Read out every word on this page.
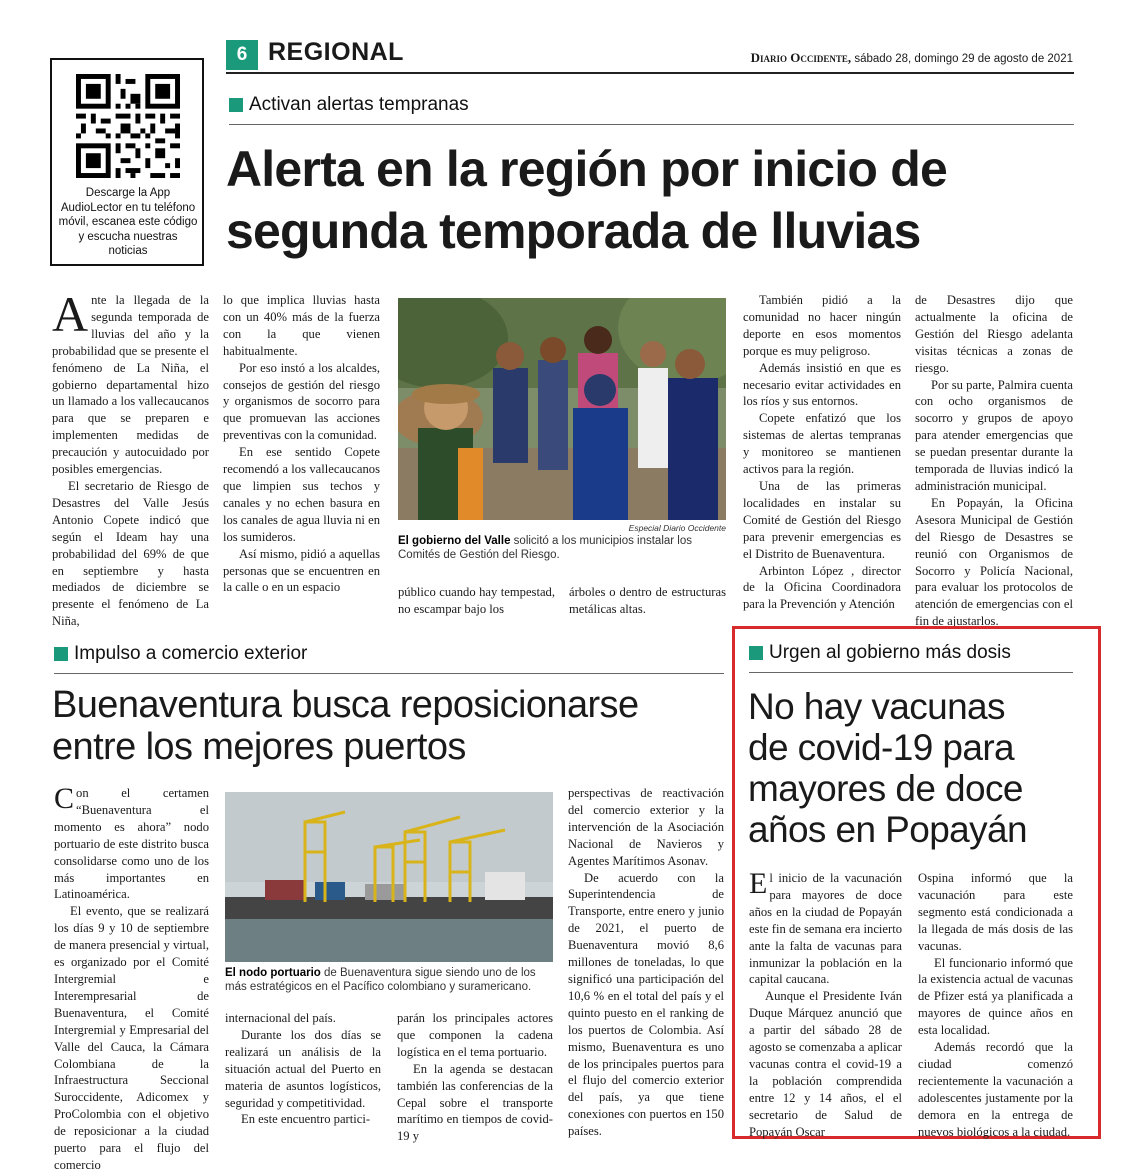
6 REGIONAL	Diario Occidente, sábado 28, domingo 29 de agosto de 2021
Descarge la App AudioLector en tu teléfono móvil, escanea este código y escucha nuestras noticias
Activan alertas tempranas
Alerta en la región por inicio de
segunda temporada de lluvias

Ante la llegada de la segunda temporada de lluvias del año y la probabilidad que se presente el fenómeno de La Niña, el gobierno departamental hizo un llamado a los vallecaucanos para que se preparen e implementen medidas de precaución y autocuidado por posibles emergencias.

El secretario de Riesgo de Desastres del Valle Jesús Antonio Copete indicó que según el Ideam hay una probabilidad del 69% de que en septiembre y hasta mediados de diciembre se presente el fenómeno de La Niña,

lo que implica lluvias hasta con un 40% más de la fuerza con la que vienen habitualmente.

Por eso instó a los alcaldes, consejos de gestión del riesgo y organismos de socorro para que promuevan las acciones preventivas con la comunidad.

En ese sentido Copete recomendó a los vallecaucanos que limpien sus techos y canales y no echen basura en los canales de agua lluvia ni en los sumideros.

Así mismo, pidió a aquellas personas que se encuentren en la calle o en un espacio

Especial Diario Occidente
El gobierno del Valle solicitó a los municipios instalar los Comités de Gestión del Riesgo.

público cuando hay tempestad, no escampar bajo los

árboles o dentro de estructuras metálicas altas.

También pidió a la comunidad no hacer ningún deporte en esos momentos porque es muy peligroso.

Además insistió en que es necesario evitar actividades en los ríos y sus entornos.

Copete enfatizó que los sistemas de alertas tempranas y monitoreo se mantienen activos para la región.

Una de las primeras localidades en instalar su Comité de Gestión del Riesgo para prevenir emergencias es el Distrito de Buenaventura.

Arbinton López , director de la Oficina Coordinadora para la Prevención y Atención

de Desastres dijo que actualmente la oficina de Gestión del Riesgo adelanta visitas técnicas a zonas de riesgo.

Por su parte, Palmira cuenta con ocho organismos de socorro y grupos de apoyo para atender emergencias que se puedan presentar durante la temporada de lluvias indicó la administración municipal.

En Popayán, la Oficina Asesora Municipal de Gestión del Riesgo de Desastres se reunió con Organismos de Socorro y Policía Nacional, para evaluar los protocolos de atención de emergencias con el fin de ajustarlos.

Impulso a comercio exterior
Buenaventura busca reposicionarse
entre los mejores puertos

Con el certamen “Buenaventura el momento es ahora” nodo portuario de este distrito busca consolidarse como uno de los más importantes en Latinoamérica.

El evento, que se realizará los días 9 y 10 de septiembre de manera presencial y virtual, es organizado por el Comité Intergremial e Interempresarial de Buenaventura, el Comité Intergremial y Empresarial del Valle del Cauca, la Cámara Colombiana de la Infraestructura Seccional Suroccidente, Adicomex y ProColombia con el objetivo de reposicionar a la ciudad puerto para el flujo del comercio

El nodo portuario de Buenaventura sigue siendo uno de los más estratégicos en el Pacífico colombiano y suramericano.

internacional del país.

Durante los dos días se realizará un análisis de la situación actual del Puerto en materia de asuntos logísticos, seguridad y competitividad.

En este encuentro partici-

parán los principales actores que componen la cadena logística en el tema portuario.

En la agenda se destacan también las conferencias de la Cepal sobre el transporte marítimo en tiempos de covid-19 y

perspectivas de reactivación del comercio exterior y la intervención de la Asociación Nacional de Navieros y Agentes Marítimos Asonav.

De acuerdo con la Superintendencia de Transporte, entre enero y junio de 2021, el puerto de Buenaventura movió 8,6 millones de toneladas, lo que significó una participación del 10,6 % en el total del país y el quinto puesto en el ranking de los puertos de Colombia. Así mismo, Buenaventura es uno de los principales puertos para el flujo del comercio exterior del país, ya que tiene conexiones con puertos en 150 países.

Urgen al gobierno más dosis
No hay vacunas
de covid-19 para
mayores de doce
años en Popayán

El inicio de la vacunación para mayores de doce años en la ciudad de Popayán este fin de semana era incierto ante la falta de vacunas para inmunizar la población en la capital caucana.

Aunque el Presidente Iván Duque Márquez anunció que a partir del sábado 28 de agosto se comenzaba a aplicar vacunas contra el covid-19 a la población comprendida entre 12 y 14 años, el el secretario de Salud de Popayán Oscar

Ospina informó que la vacunación para este segmento está condicionada a la llegada de más dosis de las vacunas.

El funcionario informó que la existencia actual de vacunas de Pfizer está ya planificada a mayores de quince años en esta localidad.

Además recordó que la ciudad comenzó recientemente la vacunación a adolescentes justamente por la demora en la entrega de nuevos biológicos a la ciudad.
